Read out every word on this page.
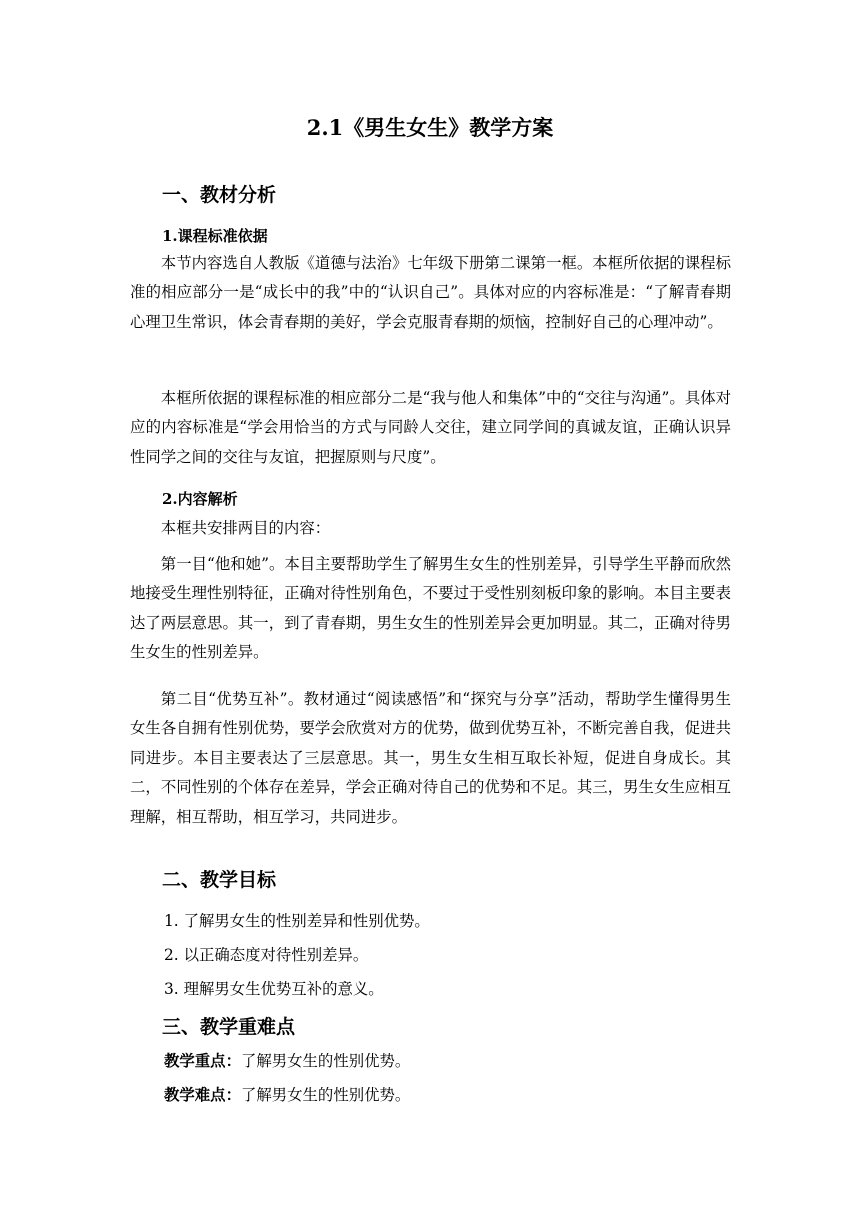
2.1《男生女生》教学方案
一、教材分析
1.课程标准依据

本节内容选自人教版《道德与法治》七年级下册第二课第一框。本框所依据的课程标准的相应部分一是“成长中的我”中的“认识自己”。具体对应的内容标准是：“了解青春期心理卫生常识，体会青春期的美好，学会克服青春期的烦恼，控制好自己的心理冲动”。

本框所依据的课程标准的相应部分二是“我与他人和集体”中的“交往与沟通”。具体对应的内容标准是“学会用恰当的方式与同龄人交往，建立同学间的真诚友谊，正确认识异性同学之间的交往与友谊，把握原则与尺度”。

2.内容解析

本框共安排两目的内容：

第一目“他和她”。本目主要帮助学生了解男生女生的性别差异，引导学生平静而欣然地接受生理性别特征，正确对待性别角色，不要过于受性别刻板印象的影响。本目主要表达了两层意思。其一，到了青春期，男生女生的性别差异会更加明显。其二，正确对待男生女生的性别差异。

第二目“优势互补”。教材通过“阅读感悟”和“探究与分享”活动，帮助学生懂得男生女生各自拥有性别优势，要学会欣赏对方的优势，做到优势互补，不断完善自我，促进共同进步。本目主要表达了三层意思。其一，男生女生相互取长补短，促进自身成长。其二，不同性别的个体存在差异，学会正确对待自己的优势和不足。其三，男生女生应相互理解，相互帮助，相互学习，共同进步。

二、教学目标
1. 了解男女生的性别差异和性别优势。
2. 以正确态度对待性别差异。
3. 理解男女生优势互补的意义。
三、教学重难点
教学重点：了解男女生的性别优势。
教学难点：了解男女生的性别优势。
